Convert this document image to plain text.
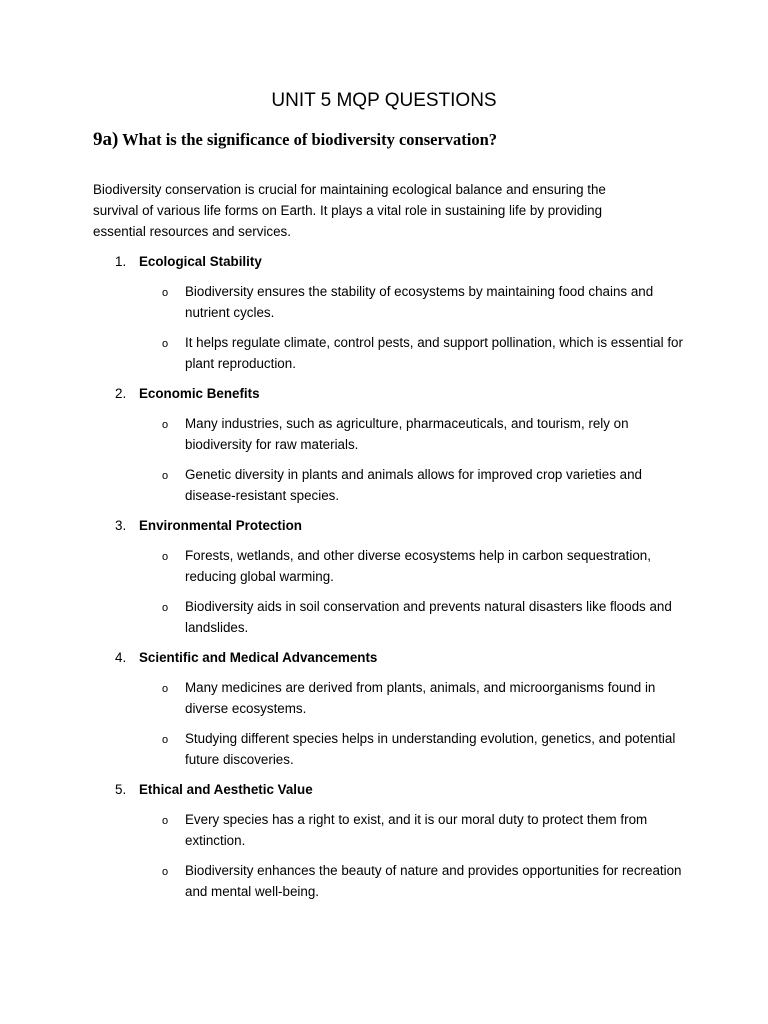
UNIT 5 MQP QUESTIONS
9a) What is the significance of biodiversity conservation?

Biodiversity conservation is crucial for maintaining ecological balance and ensuring the survival of various life forms on Earth. It plays a vital role in sustaining life by providing essential resources and services.

1. Ecological Stability
o Biodiversity ensures the stability of ecosystems by maintaining food chains and nutrient cycles.
o It helps regulate climate, control pests, and support pollination, which is essential for plant reproduction.
2. Economic Benefits
o Many industries, such as agriculture, pharmaceuticals, and tourism, rely on biodiversity for raw materials.
o Genetic diversity in plants and animals allows for improved crop varieties and disease-resistant species.
3. Environmental Protection
o Forests, wetlands, and other diverse ecosystems help in carbon sequestration, reducing global warming.
o Biodiversity aids in soil conservation and prevents natural disasters like floods and landslides.
4. Scientific and Medical Advancements
o Many medicines are derived from plants, animals, and microorganisms found in diverse ecosystems.
o Studying different species helps in understanding evolution, genetics, and potential future discoveries.
5. Ethical and Aesthetic Value
o Every species has a right to exist, and it is our moral duty to protect them from extinction.
o Biodiversity enhances the beauty of nature and provides opportunities for recreation and mental well-being.
